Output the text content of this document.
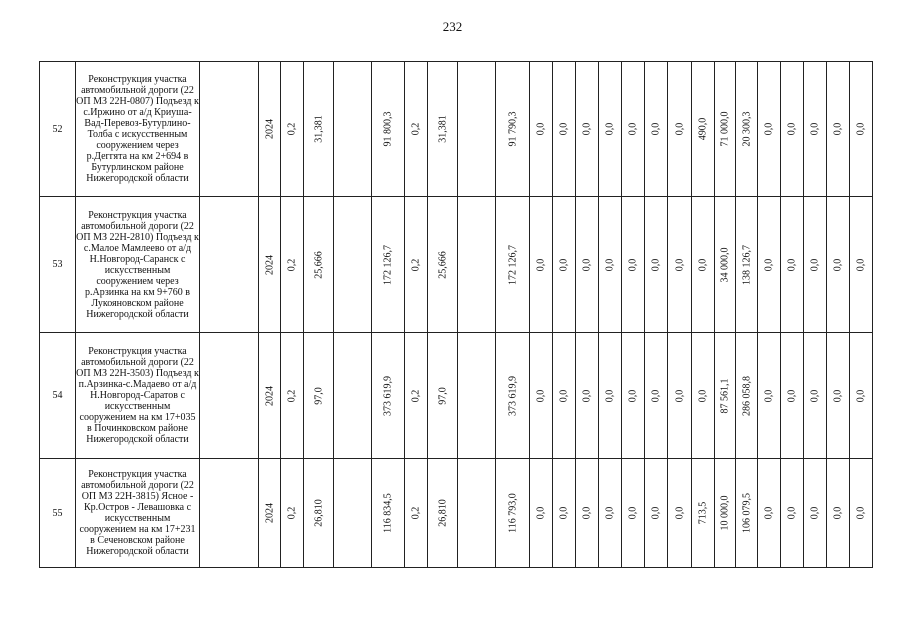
232
52	Реконструкция участка автомобильной дороги (22 ОП МЗ 22Н-0807) Подъезд к с.Иржино от а/д Криуша-Вад-Перевоз-Бутурлино-Толба с искусственным сооружением через р.Деггята на км 2+694 в Бутурлинском районе Нижегородской области		2024	0,2	31,381		91 800,3	0,2	31,381		91 790,3	0,0	0,0	0,0	0,0	0,0	0,0	0,0	490,0	71 000,0	20 300,3	0,0	0,0	0,0	0,0	0,0

53	Реконструкция участка автомобильной дороги (22 ОП МЗ 22Н-2810) Подъезд к с.Малое Мамлеево от а/д Н.Новгород-Саранск с искусственным сооружением через р.Арзинка на км 9+760 в Лукояновском районе Нижегородской области		2024	0,2	25,666		172 126,7	0,2	25,666		172 126,7	0,0	0,0	0,0	0,0	0,0	0,0	0,0	0,0	34 000,0	138 126,7	0,0	0,0	0,0	0,0	0,0

54	Реконструкция участка автомобильной дороги (22 ОП МЗ 22Н-3503) Подъезд к п.Арзинка-с.Мадаево от а/д Н.Новгород-Саратов с искусственным сооружением на км 17+035 в Починковском районе Нижегородской области		2024	0,2	97,0		373 619,9	0,2	97,0		373 619,9	0,0	0,0	0,0	0,0	0,0	0,0	0,0	0,0	87 561,1	286 058,8	0,0	0,0	0,0	0,0	0,0

55	Реконструкция участка автомобильной дороги (22 ОП МЗ 22Н-3815) Ясное - Кр.Остров - Левашовка с искусственным сооружением на км 17+231 в Сеченовском районе Нижегородской области		2024	0,2	26,810		116 834,5	0,2	26,810		116 793,0	0,0	0,0	0,0	0,0	0,0	0,0	0,0	713,5	10 000,0	106 079,5	0,0	0,0	0,0	0,0	0,0
